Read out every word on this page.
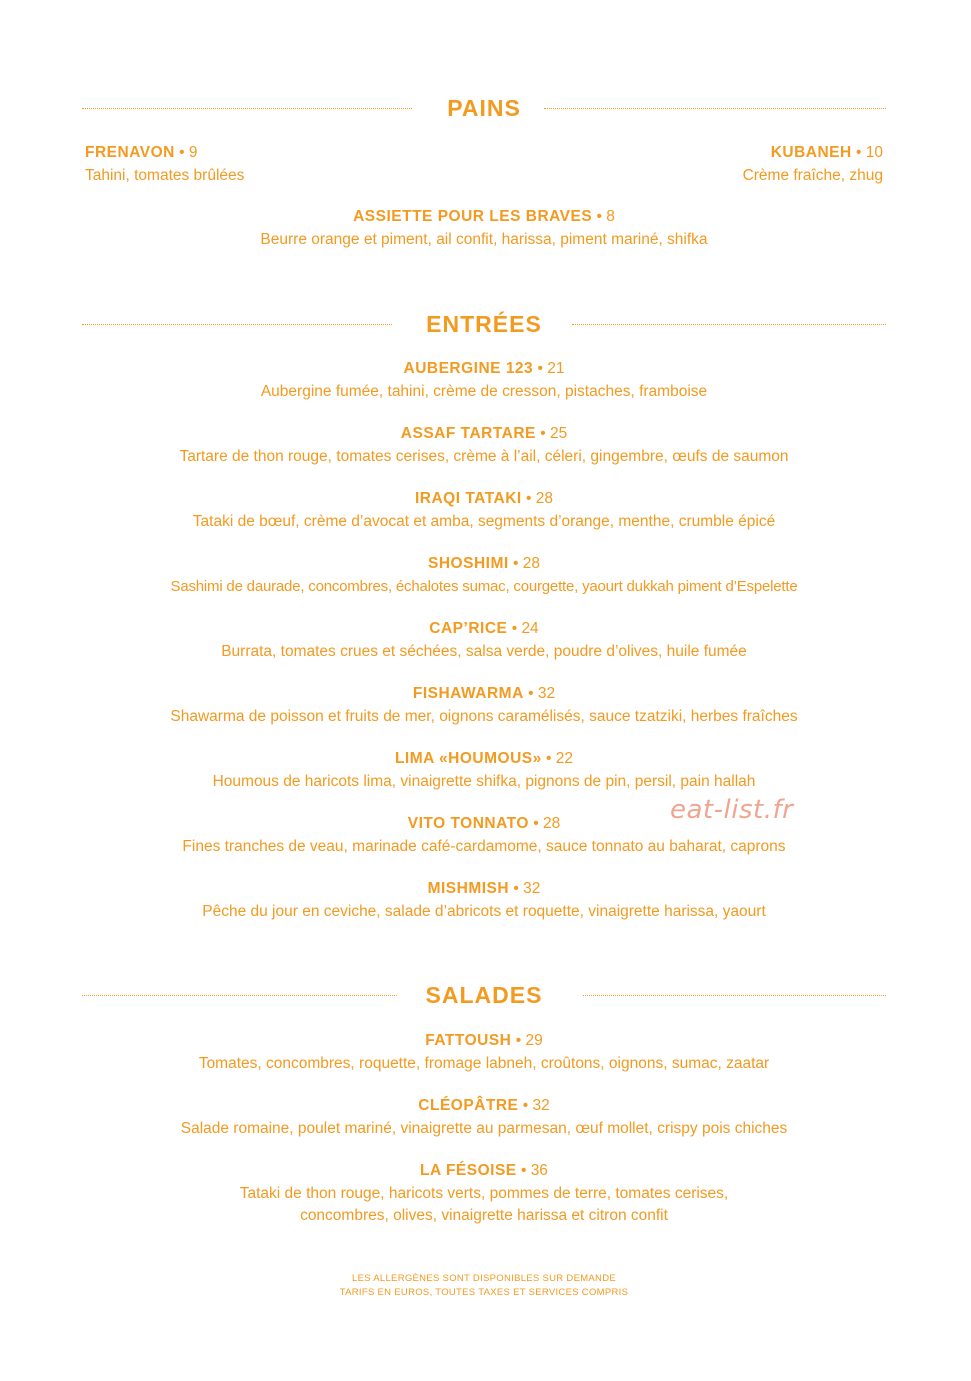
PAINS
FRENAVON • 9
Tahini, tomates brûlées
KUBANEH • 10
Crème fraîche, zhug
ASSIETTE POUR LES BRAVES • 8
Beurre orange et piment, ail confit, harissa, piment mariné, shifka
ENTRÉES
AUBERGINE 123 • 21
Aubergine fumée, tahini, crème de cresson, pistaches, framboise
ASSAF TARTARE • 25
Tartare de thon rouge, tomates cerises, crème à l’ail, céleri, gingembre, œufs de saumon
IRAQI TATAKI • 28
Tataki de bœuf, crème d’avocat et amba, segments d’orange, menthe, crumble épicé
SHOSHIMI • 28
Sashimi de daurade, concombres, échalotes sumac, courgette, yaourt dukkah piment d’Espelette
CAP’RICE • 24
Burrata, tomates crues et séchées, salsa verde, poudre d’olives, huile fumée
FISHAWARMA • 32
Shawarma de poisson et fruits de mer, oignons caramélisés, sauce tzatziki, herbes fraîches
LIMA «HOUMOUS» • 22
Houmous de haricots lima, vinaigrette shifka, pignons de pin, persil, pain hallah
VITO TONNATO • 28
Fines tranches de veau, marinade café-cardamome, sauce tonnato au baharat, caprons
MISHMISH • 32
Pêche du jour en ceviche, salade d’abricots et roquette, vinaigrette harissa, yaourt
eat-list.fr
SALADES
FATTOUSH • 29
Tomates, concombres, roquette, fromage labneh, croûtons, oignons, sumac, zaatar
CLÉOPÂTRE • 32
Salade romaine, poulet mariné, vinaigrette au parmesan, œuf mollet, crispy pois chiches
LA FÉSOISE • 36
Tataki de thon rouge, haricots verts, pommes de terre, tomates cerises,
concombres, olives, vinaigrette harissa et citron confit
LES ALLERGÈNES SONT DISPONIBLES SUR DEMANDE
TARIFS EN EUROS, TOUTES TAXES ET SERVICES COMPRIS
